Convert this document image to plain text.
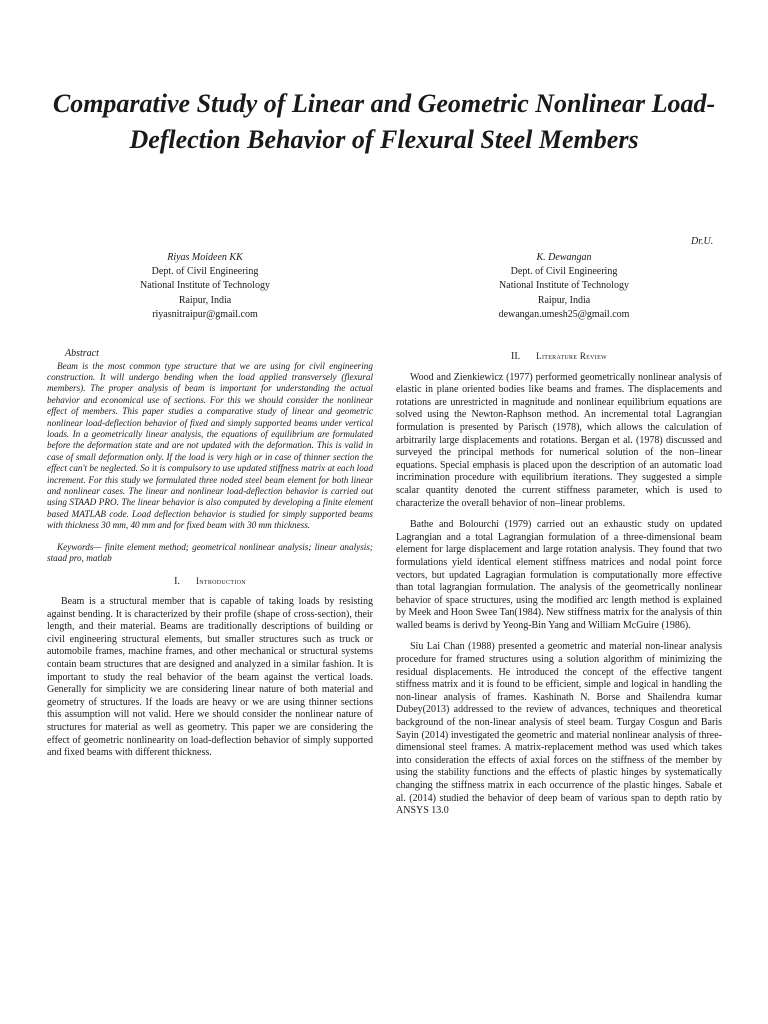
Comparative Study of Linear and Geometric Nonlinear Load-Deflection Behavior of Flexural Steel Members
Dr.U.
Riyas Moideen KK
Dept. of Civil Engineering
National Institute of Technology
Raipur, India
riyasnitraipur@gmail.com
K. Dewangan
Dept. of Civil Engineering
National Institute of Technology
Raipur, India
dewangan.umesh25@gmail.com

Abstract

Beam is the most common type structure that we are using for civil engineering construction. It will undergo bending when the load applied transversely (flexural members). The proper analysis of beam is important for understanding the actual behavior and economical use of sections. For this we should consider the nonlinear effect of members. This paper studies a comparative study of linear and geometric nonlinear load-deflection behavior of fixed and simply supported beams under vertical loads. In a geometrically linear analysis, the equations of equilibrium are formulated before the deformation state and are not updated with the deformation. This is valid in case of small deformation only. If the load is very high or in case of thinner section the effect can't be neglected. So it is compulsory to use updated stiffness matrix at each load increment. For this study we formulated three noded steel beam element for both linear and nonlinear cases. The linear and nonlinear load-deflection behavior is carried out using STAAD PRO. The linear behavior is also computed by developing a finite element based MATLAB code. Load deflection behavior is studied for simply supported beams with thickness 30 mm, 40 mm and for fixed beam with 30 mm thickness.

Keywords— finite element method; geometrical nonlinear analysis; linear analysis; staad pro, matlab

I. Introduction

Beam is a structural member that is capable of taking loads by resisting against bending. It is characterized by their profile (shape of cross-section), their length, and their material. Beams are traditionally descriptions of building or civil engineering structural elements, but smaller structures such as truck or automobile frames, machine frames, and other mechanical or structural systems contain beam structures that are designed and analyzed in a similar fashion. It is important to study the real behavior of the beam against the vertical loads. Generally for simplicity we are considering linear nature of both material and geometry of structures. If the loads are heavy or we are using thinner sections this assumption will not valid. Here we should consider the nonlinear nature of structures for material as well as geometry. This paper we are considering the effect of geometric nonlinearity on load-deflection behavior of simply supported and fixed beams with different thickness.

II. Literature Review

Wood and Zienkiewicz (1977) performed geometrically nonlinear analysis of elastic in plane oriented bodies like beams and frames. The displacements and rotations are unrestricted in magnitude and nonlinear equilibrium equations are solved using the Newton-Raphson method. An incremental total Lagrangian formulation is presented by Parisch (1978), which allows the calculation of arbitrarily large displacements and rotations. Bergan et al. (1978) discussed and surveyed the principal methods for numerical solution of the non–linear equations. Special emphasis is placed upon the description of an automatic load incrimination procedure with equilibrium iterations. They suggested a simple scalar quantity denoted the current stiffness parameter, which is used to characterize the overall behavior of non–linear problems.

Bathe and Bolourchi (1979) carried out an exhaustic study on updated Lagrangian and a total Lagrangian formulation of a three-dimensional beam element for large displacement and large rotation analysis. They found that two formulations yield identical element stiffness matrices and nodal point force vectors, but updated Lagragian formulation is computationally more effective than total lagrangian formulation. The analysis of the geometrically nonlinear behavior of space structures, using the modified arc length method is explained by Meek and Hoon Swee Tan(1984). New stiffness matrix for the analysis of thin walled beams is derivd by Yeong-Bin Yang and William McGuire (1986).

Siu Lai Chan (1988) presented a geometric and material non-linear analysis procedure for framed structures using a solution algorithm of minimizing the residual displacements. He introduced the concept of the effective tangent stiffness matrix and it is found to be efficient, simple and logical in handling the non-linear analysis of frames. Kashinath N. Borse and Shailendra kumar Dubey(2013) addressed to the review of advances, techniques and theoretical background of the non-linear analysis of steel beam. Turgay Cosgun and Baris Sayin (2014) investigated the geometric and material nonlinear analysis of three-dimensional steel frames. A matrix-replacement method was used which takes into consideration the effects of axial forces on the stiffness of the member by using the stability functions and the effects of plastic hinges by systematically changing the stiffness matrix in each occurrence of the plastic hinges. Sabale et al. (2014) studied the behavior of deep beam of various span to depth ratio by ANSYS 13.0
